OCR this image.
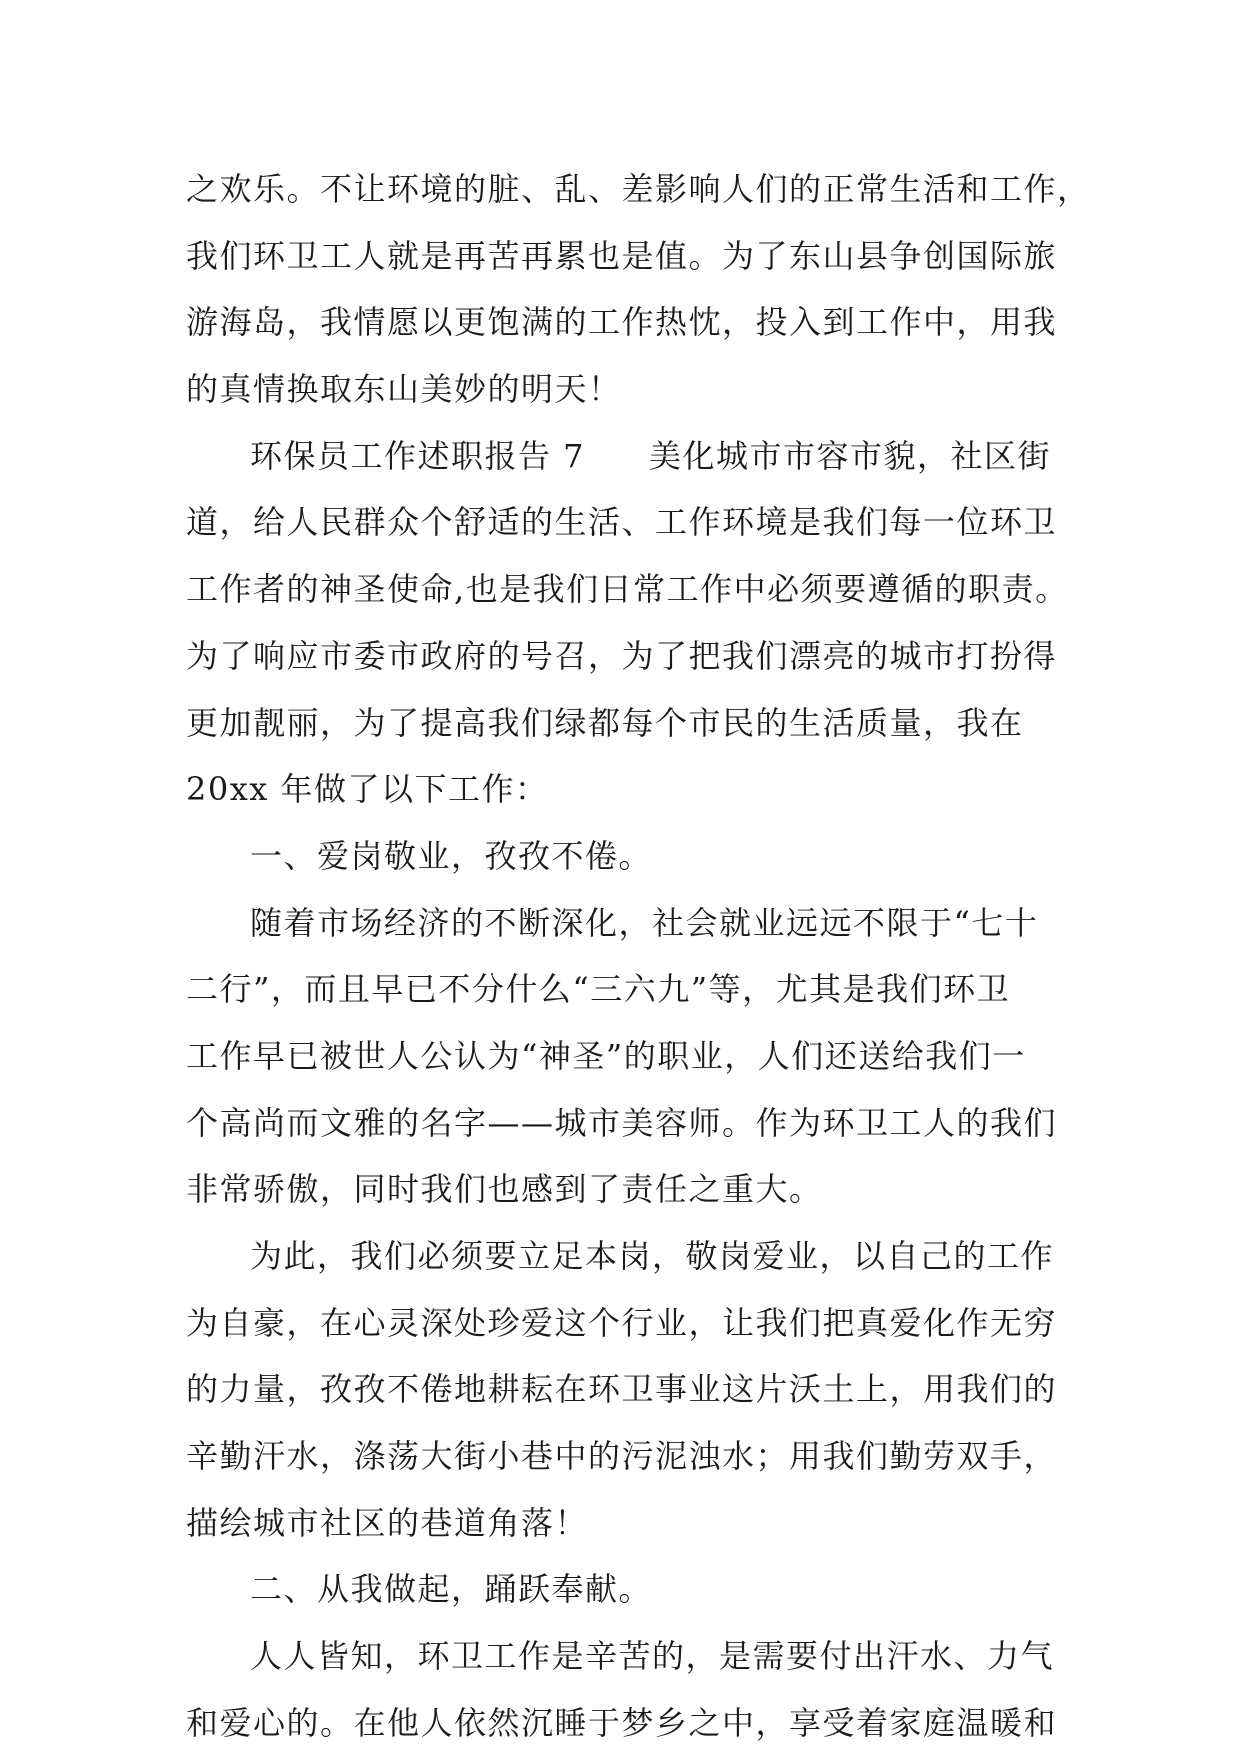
之欢乐。不让环境的脏、乱、差影响人们的正常生活和工作，
我们环卫工人就是再苦再累也是值。为了东山县争创国际旅
游海岛，我情愿以更饱满的工作热忱，投入到工作中，用我
的真情换取东山美妙的明天！
环保员工作述职报告 7 美化城市市容市貌，社区街
道，给人民群众个舒适的生活、工作环境是我们每一位环卫
工作者的神圣使命,也是我们日常工作中必须要遵循的职责。
为了响应市委市政府的号召，为了把我们漂亮的城市打扮得
更加靓丽，为了提高我们绿都每个市民的生活质量，我在
20xx 年做了以下工作：
一、爱岗敬业，孜孜不倦。
随着市场经济的不断深化，社会就业远远不限于“七十
二行”，而且早已不分什么“三六九”等，尤其是我们环卫
工作早已被世人公认为“神圣”的职业，人们还送给我们一
个高尚而文雅的名字——城市美容师。作为环卫工人的我们
非常骄傲，同时我们也感到了责任之重大。
为此，我们必须要立足本岗，敬岗爱业，以自己的工作
为自豪，在心灵深处珍爱这个行业，让我们把真爱化作无穷
的力量，孜孜不倦地耕耘在环卫事业这片沃土上，用我们的
辛勤汗水，涤荡大街小巷中的污泥浊水；用我们勤劳双手，
描绘城市社区的巷道角落！
二、从我做起，踊跃奉献。
人人皆知，环卫工作是辛苦的，是需要付出汗水、力气
和爱心的。在他人依然沉睡于梦乡之中，享受着家庭温暖和
